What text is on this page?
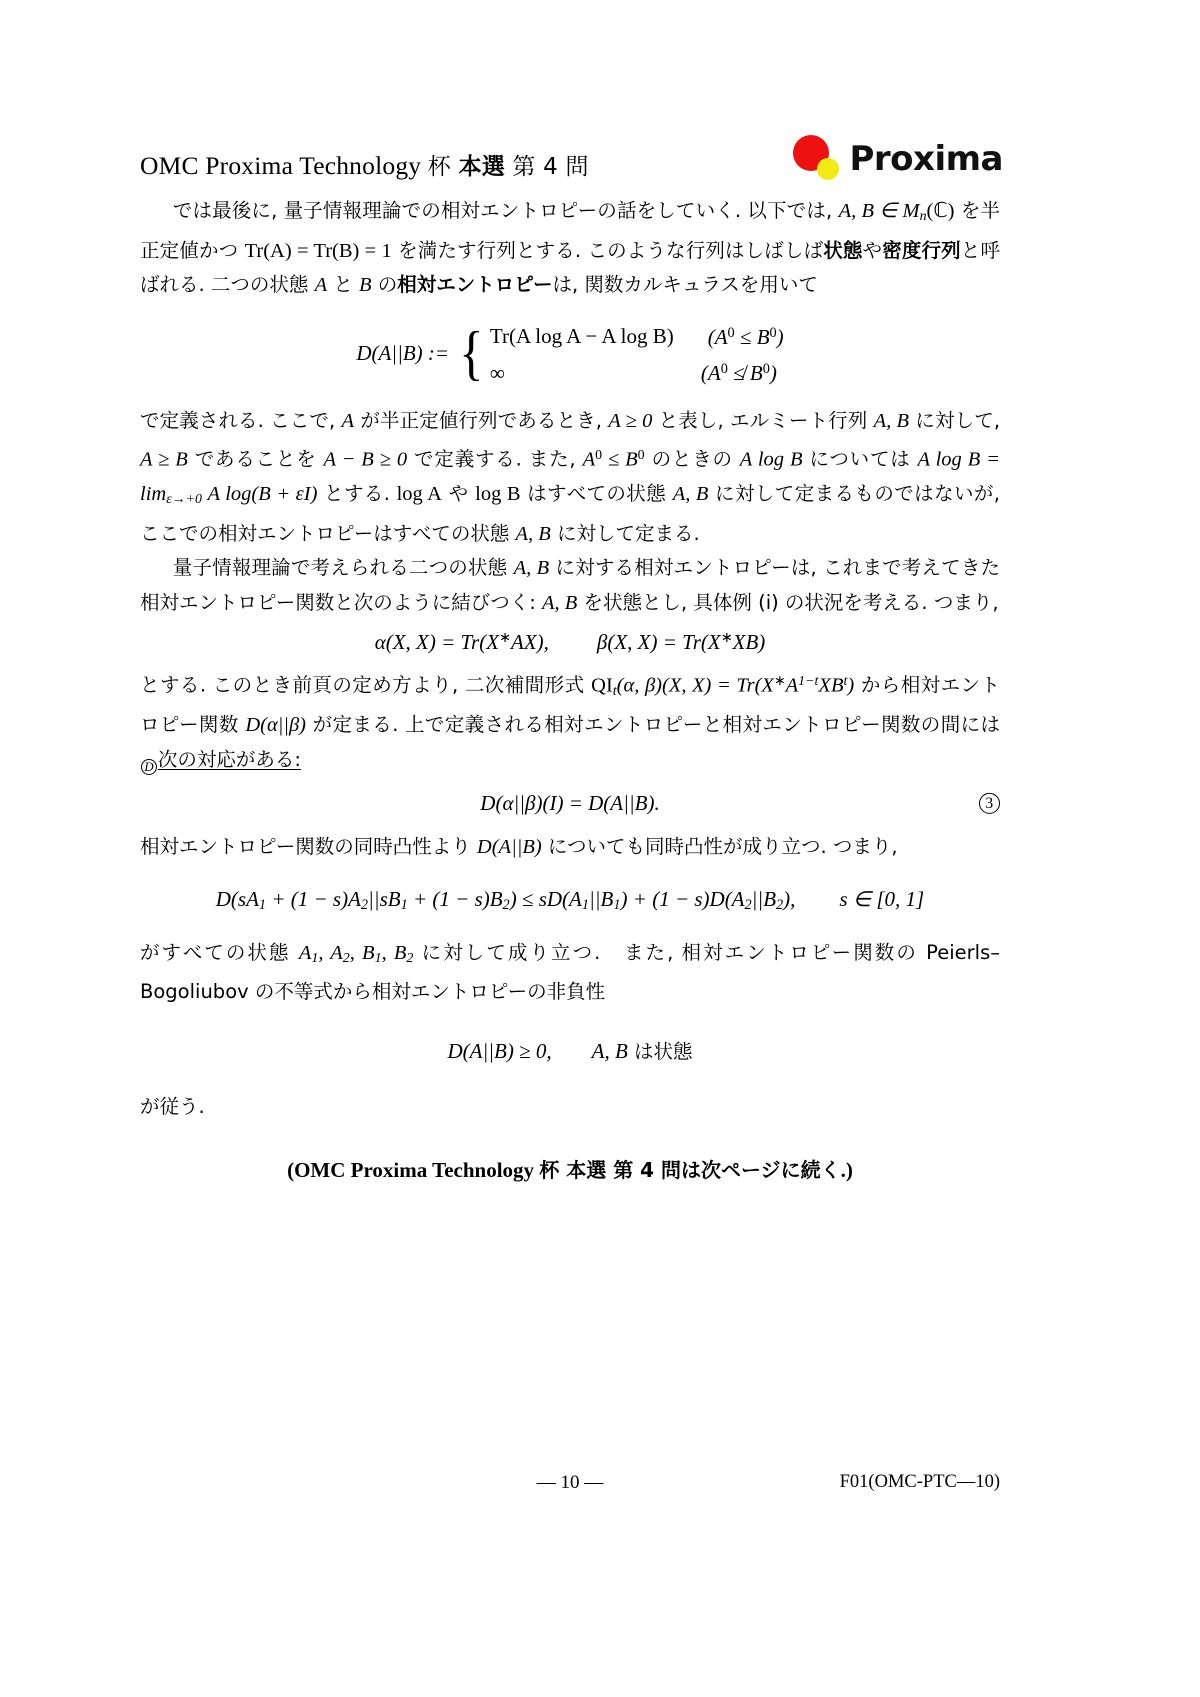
OMC Proxima Technology 杯 本選 第 4 問	Proxima

では最後に, 量子情報理論での相対エントロピーの話をしていく. 以下では, A, B ∈ $M_n(ℂ)$ を半正定値かつ Tr(A) = Tr(B) = 1 を満たす行列とする. このような行列はしばしば状態や密度行列と呼ばれる. 二つの状態 A と B の相対エントロピーは, 関数カルキュラスを用いて

D(A||B) := { Tr(A log A − A log B) $(A^0 \le B^0)$
∞	($A^0$ ≰ $B^0$)

で定義される. ここで, A が半正定値行列であるとき, A ≥ 0 と表し, エルミート行列 A, B に対して, A ≥ B であることを A − B ≥ 0 で定義する. また, $A^0 \le B^0$ のときの A log B については A $\log B = \lim_{\varepsilon\to+0} A$ log(B + εI) とする. log A や log B はすべての状態 A, B に対して定まるものではないが, ここでの相対エントロピーはすべての状態 A, B に対して定まる.

量子情報理論で考えられる二つの状態 A, B に対する相対エントロピーは, これまで考えてきた相対エントロピー関数と次のように結びつく: A, B を状態とし, 具体例 (i) の状況を考える. つまり,

α(X, X) = Tr(X∗AX), β(X, X) = Tr(X∗XB)

とする. このとき前頁の定め方より, 二次補間形式 $QI_t(\alpha$, β)(X, $X) = Tr(X^∗A^{1-t}XB^t)$ から相対エントロピー関数 D(α||β) が定まる. 上で定義される相対エントロピーと相対エントロピー関数の間にはD 次の対応がある:

D(α||β)(I) = D(A||B).	3

相対エントロピー関数の同時凸性より D(A||B) についても同時凸性が成り立つ. つまり,

$D(sA_1 + (1 - s)A_2||sB_1 + (1 - s)B_2) \le sD(A_1||B_1) + (1 - s)D(A_2||B_2)$, s ∈ [0, 1]

がすべての状態 $A_1$, $A_2$, $B_1$, $B_2$ に対して成り立つ.　また, 相対エントロピー関数の Peierls–Bogoliubov の不等式から相対エントロピーの非負性

D(A||B) ≥ 0, A, B は状態

が従う.

(OMC Proxima Technology 杯 本選 第 4 問は次ページに続く.)
— 10 —	F01(OMC-PTC—10)
